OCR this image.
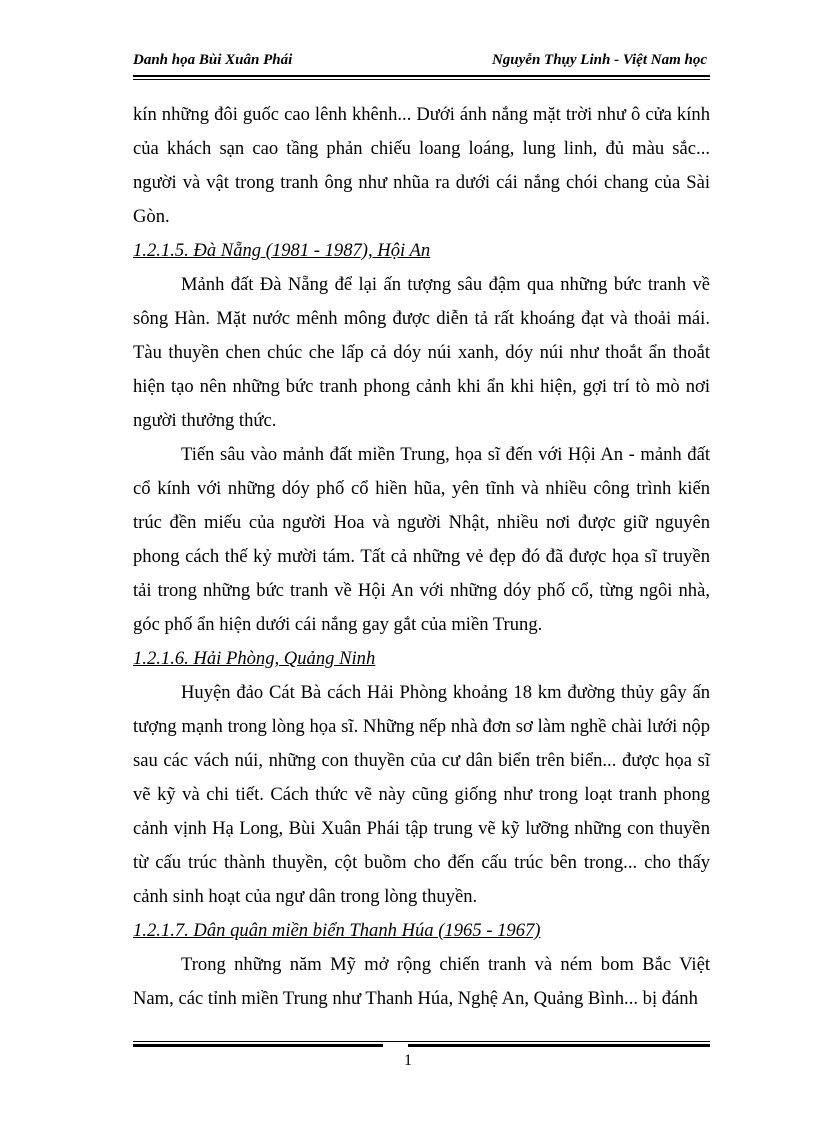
Danh họa Bùi Xuân Phái	Nguyễn Thụy Linh - Việt Nam học

kín những đôi guốc cao lênh khênh... Dưới ánh nắng mặt trời như ô cửa kính của khách sạn cao tầng phản chiếu loang loáng, lung linh, đủ màu sắc... người và vật trong tranh ông như nhũa ra dưới cái nắng chói chang của Sài Gòn.

1.2.1.5. Đà Nẵng (1981 - 1987), Hội An

Mảnh đất Đà Nẵng để lại ấn tượng sâu đậm qua những bức tranh về sông Hàn. Mặt nước mênh mông được diễn tả rất khoáng đạt và thoải mái. Tàu thuyền chen chúc che lấp cả dóy núi xanh, dóy núi như thoắt ẩn thoắt hiện tạo nên những bức tranh phong cảnh khi ẩn khi hiện, gợi trí tò mò nơi người thưởng thức.

Tiến sâu vào mảnh đất miền Trung, họa sĩ đến với Hội An - mảnh đất cổ kính với những dóy phố cổ hiền hũa, yên tĩnh và nhiều công trình kiến trúc đền miếu của người Hoa và người Nhật, nhiều nơi được giữ nguyên phong cách thế kỷ mười tám. Tất cả những vẻ đẹp đó đã được họa sĩ truyền tải trong những bức tranh về Hội An với những dóy phố cổ, từng ngôi nhà, góc phố ẩn hiện dưới cái nắng gay gắt của miền Trung.

1.2.1.6. Hải Phòng, Quảng Ninh

Huyện đảo Cát Bà cách Hải Phòng khoảng 18 km đường thủy gây ấn tượng mạnh trong lòng họa sĩ. Những nếp nhà đơn sơ làm nghề chài lưới nộp sau các vách núi, những con thuyền của cư dân biển trên biển... được họa sĩ vẽ kỹ và chi tiết. Cách thức vẽ này cũng giống như trong loạt tranh phong cảnh vịnh Hạ Long, Bùi Xuân Phái tập trung vẽ kỹ lưỡng những con thuyền từ cấu trúc thành thuyền, cột buồm cho đến cấu trúc bên trong... cho thấy cảnh sinh hoạt của ngư dân trong lòng thuyền.

1.2.1.7. Dân quân miền biển Thanh Húa (1965 - 1967)

Trong những năm Mỹ mở rộng chiến tranh và ném bom Bắc Việt Nam, các tỉnh miền Trung như Thanh Húa, Nghệ An, Quảng Bình... bị đánh

1
